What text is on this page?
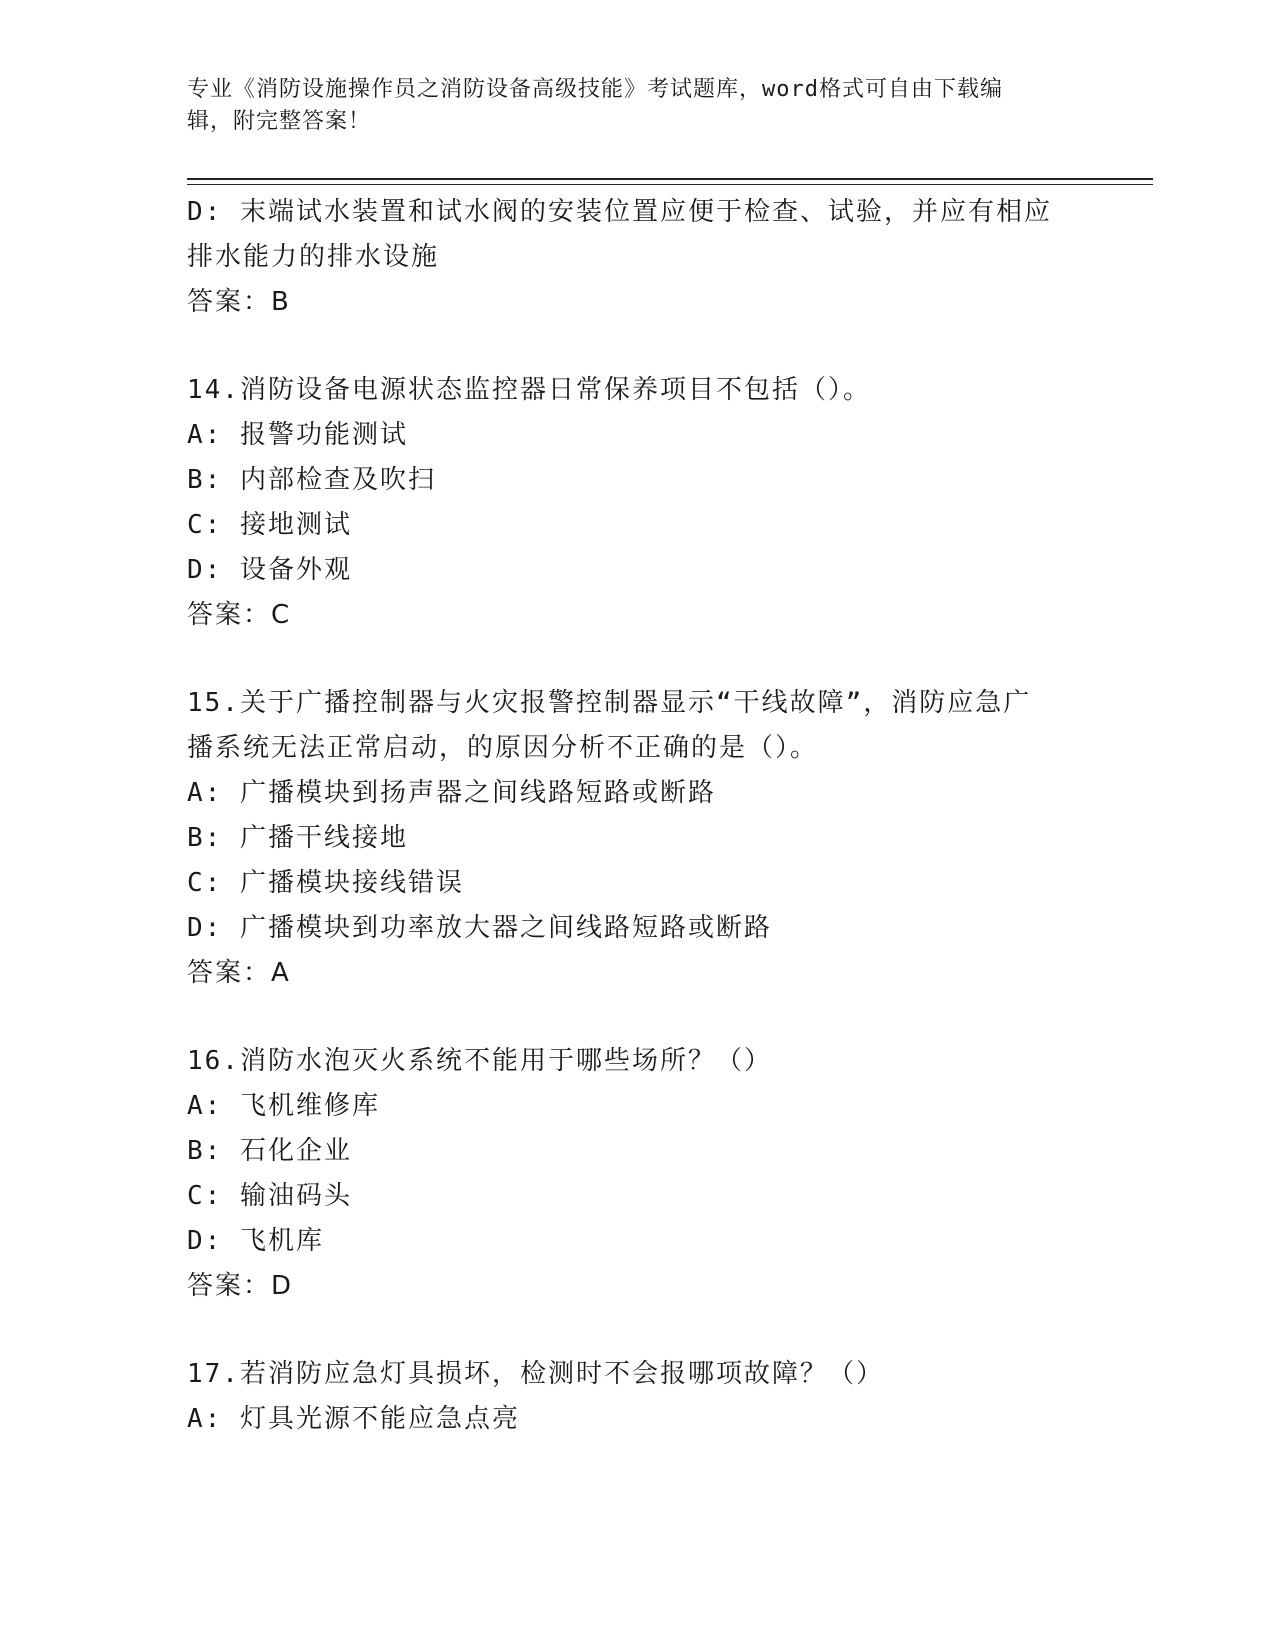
专业《消防设施操作员之消防设备高级技能》考试题库，word格式可自由下载编
辑，附完整答案！
D: 末端试水装置和试水阀的安装位置应便于检查、试验，并应有相应
排水能力的排水设施
答案：B
14.消防设备电源状态监控器日常保养项目不包括（）。
A: 报警功能测试
B: 内部检查及吹扫
C: 接地测试
D: 设备外观
答案：C
15.关于广播控制器与火灾报警控制器显示“干线故障”，消防应急广
播系统无法正常启动，的原因分析不正确的是（）。
A: 广播模块到扬声器之间线路短路或断路
B: 广播干线接地
C: 广播模块接线错误
D: 广播模块到功率放大器之间线路短路或断路
答案：A
16.消防水泡灭火系统不能用于哪些场所？（）
A: 飞机维修库
B: 石化企业
C: 输油码头
D: 飞机库
答案：D
17.若消防应急灯具损坏，检测时不会报哪项故障？（）
A: 灯具光源不能应急点亮
